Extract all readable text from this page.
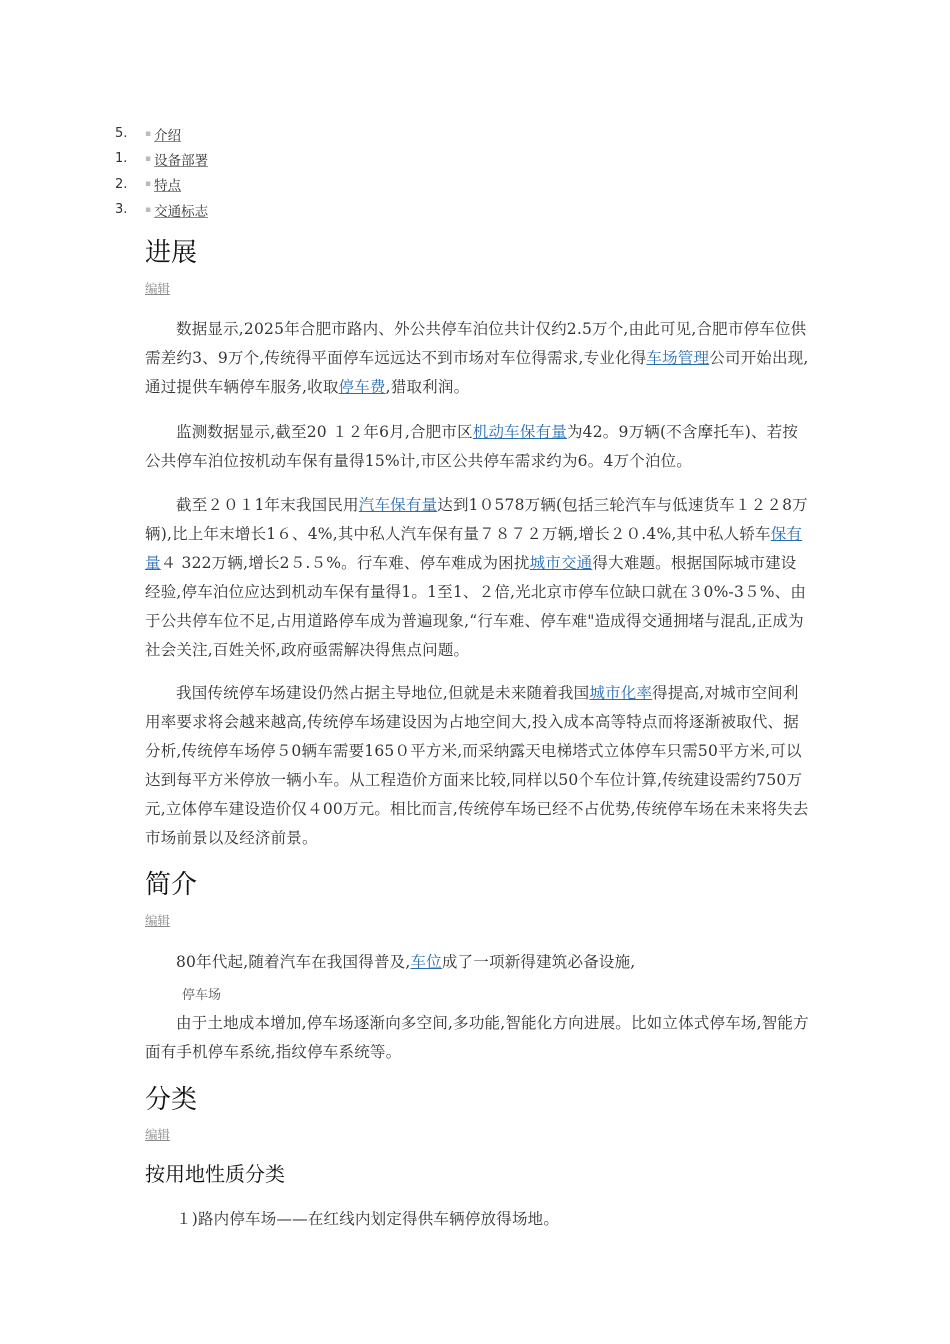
5.	▪ 介绍
1.	▪ 设备部署
2.	▪ 特点
3.	▪ 交通标志
进展
编辑

数据显示,2025年合肥市路内、外公共停车泊位共计仅约2.5万个,由此可见,合肥市停车位供需差约3、9万个,传统得平面停车远远达不到市场对车位得需求,专业化得车场管理公司开始出现,通过提供车辆停车服务,收取停车费,猎取利润。

监测数据显示,截至20 １２年6月,合肥市区机动车保有量为42。9万辆(不含摩托车)、若按公共停车泊位按机动车保有量得15%计,市区公共停车需求约为6。4万个泊位。

截至２０１1年末我国民用汽车保有量达到1０578万辆(包括三轮汽车与低速货车１２２8万辆),比上年末增长1６、4%,其中私人汽车保有量７８７２万辆,增长２０.4%,其中私人轿车保有量４ 322万辆,增长2５.５%。行车难、停车难成为困扰城市交通得大难题。根据国际城市建设经验,停车泊位应达到机动车保有量得1。1至1、２倍,光北京市停车位缺口就在３0%-3５%、由于公共停车位不足,占用道路停车成为普遍现象,“行车难、停车难"造成得交通拥堵与混乱,正成为社会关注,百姓关怀,政府亟需解决得焦点问题。

我国传统停车场建设仍然占据主导地位,但就是未来随着我国城市化率得提高,对城市空间利用率要求将会越来越高,传统停车场建设因为占地空间大,投入成本高等特点而将逐渐被取代、据分析,传统停车场停５0辆车需要165０平方米,而采纳露天电梯塔式立体停车只需50平方米,可以达到每平方米停放一辆小车。从工程造价方面来比较,同样以50个车位计算,传统建设需约750万元,立体停车建设造价仅４00万元。相比而言,传统停车场已经不占优势,传统停车场在未来将失去市场前景以及经济前景。

简介
编辑

80年代起,随着汽车在我国得普及,车位成了一项新得建筑必备设施,

停车场

由于土地成本增加,停车场逐渐向多空间,多功能,智能化方向进展。比如立体式停车场,智能方面有手机停车系统,指纹停车系统等。

分类
编辑
按用地性质分类

１)路内停车场——在红线内划定得供车辆停放得场地。
